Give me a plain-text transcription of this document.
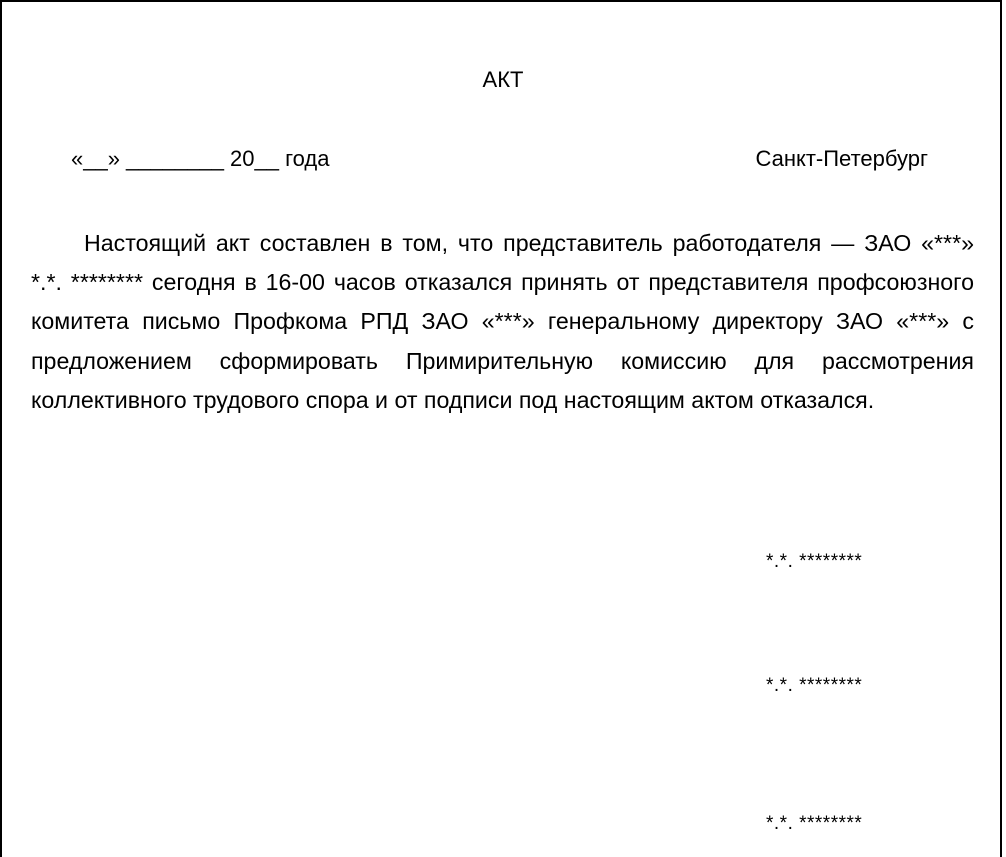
АКТ
«__» ________ 20__ года	Санкт-Петербург

Настоящий акт составлен в том, что представитель работодателя — ЗАО «***» *.*. ******** сегодня в 16-00 часов отказался принять от представителя профсоюзного комитета письмо Профкома РПД ЗАО «***» генеральному директору ЗАО «***» с предложением сформировать Примирительную комиссию для рассмотрения коллективного трудового спора и от подписи под настоящим актом отказался.

*.*. ********
*.*. ********
*.*. ********
